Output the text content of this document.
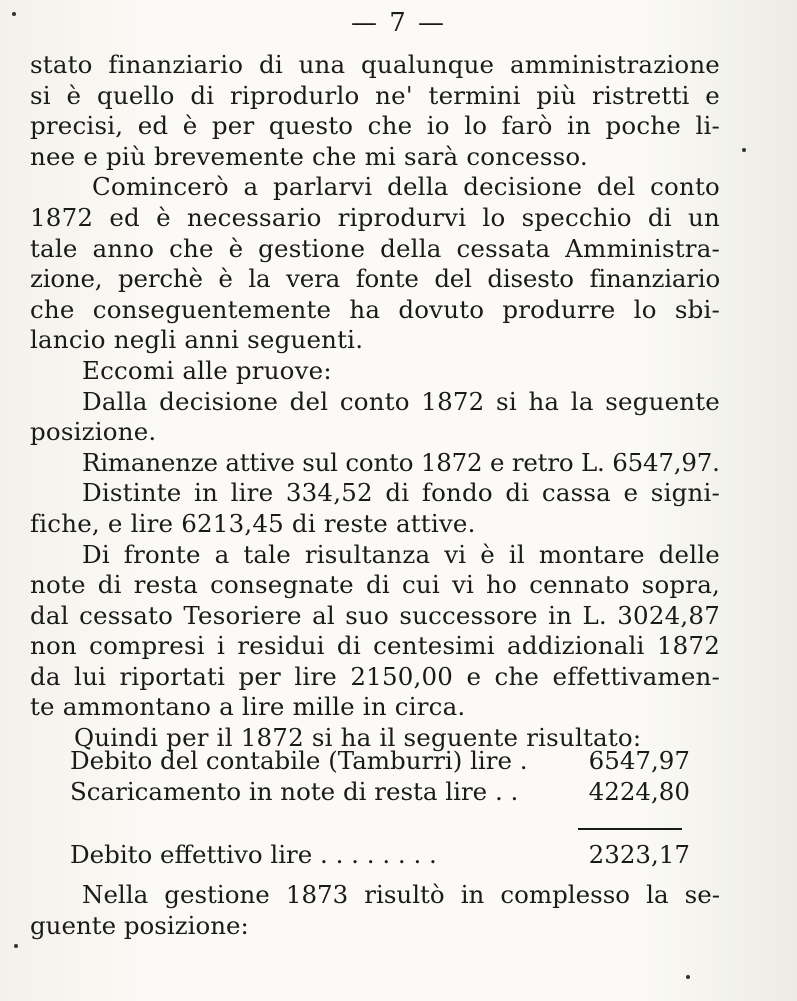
— 7 —
stato finanziario di una qualunque amministrazione
si è quello di riprodurlo ne' termini più ristretti e
precisi, ed è per questo che io lo farò in poche li-
nee e più brevemente che mi sarà concesso.
Comincerò a parlarvi della decisione del conto
1872 ed è necessario riprodurvi lo specchio di un
tale anno che è gestione della cessata Amministra-
zione, perchè è la vera fonte del disesto finanziario
che conseguentemente ha dovuto produrre lo sbi-
lancio negli anni seguenti.
Eccomi alle pruove:
Dalla decisione del conto 1872 si ha la seguente
posizione.
Rimanenze attive sul conto 1872 e retro L. 6547,97.
Distinte in lire 334,52 di fondo di cassa e signi-
fiche, e lire 6213,45 di reste attive.
Di fronte a tale risultanza vi è il montare delle
note di resta consegnate di cui vi ho cennato sopra,
dal cessato Tesoriere al suo successore in L. 3024,87
non compresi i residui di centesimi addizionali 1872
da lui riportati per lire 2150,00 e che effettivamen-
te ammontano a lire mille in circa.
Quindi per il 1872 si ha il seguente risultato:
Debito del contabile (Tamburri) lire .	6547,97
Scaricamento in note di resta lire . .	4224,80
Debito effettivo lire . . . . . . . .	2323,17
Nella gestione 1873 risultò in complesso la se-
guente posizione:
